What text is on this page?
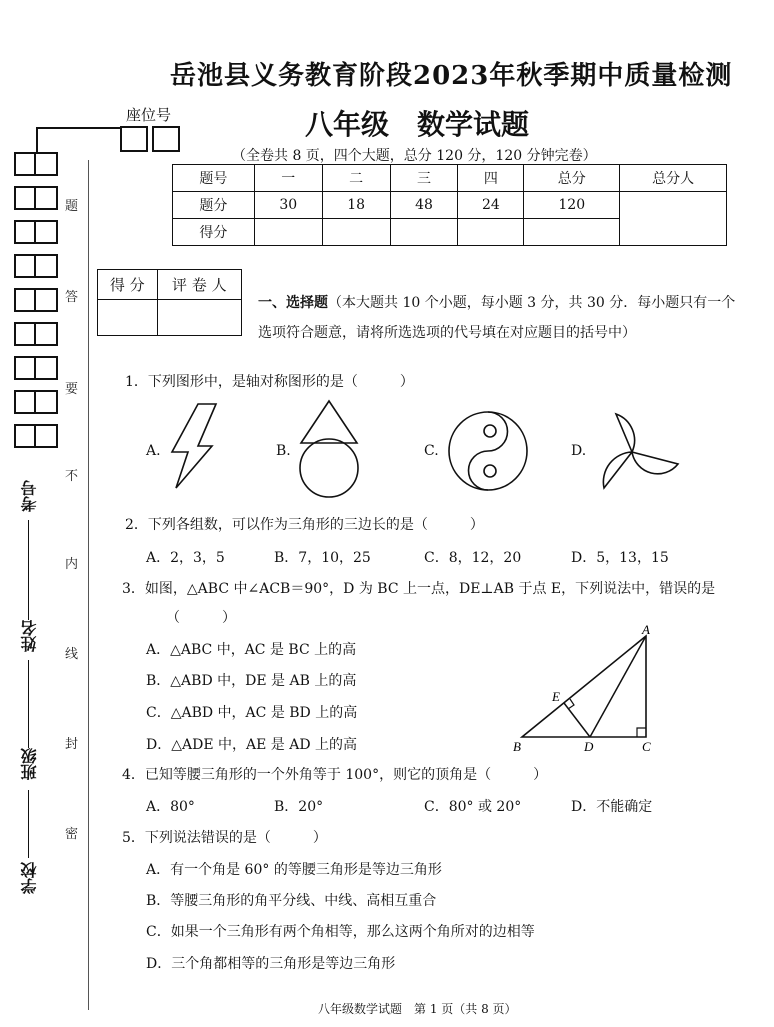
座位号
题
答
要
不
内
线
封
密
考号
姓名
班级
学校
岳池县义务教育阶段2023年秋季期中质量检测
八年级　数学试题
（全卷共 8 页，四个大题，总分 120 分，120 分钟完卷）
题号	一	二	三	四	总分	总分人
题分	30	18	48	24	120	
得分						
得 分	评 卷 人

一、选择题（本大题共 10 个小题，每小题 3 分，共 30 分．每小题只有一个选项符合题意，请将所选选项的代号填在对应题目的括号中）
1．下列图形中，是轴对称图形的是（　　　）
A.	B.	C.	D.
2．下列各组数，可以作为三角形的三边长的是（　　　）
A．2，3，5	B．7，10，25	C．8，12，20	D．5，13，15
3．如图，△ABC 中∠ACB＝90°，D 为 BC 上一点，DE⊥AB 于点 E，下列说法中，错误的是
（　　　）
A．△ABC 中，AC 是 BC 上的高
B．△ABD 中，DE 是 AB 上的高
C．△ABD 中，AC 是 BD 上的高
D．△ADE 中，AE 是 AD 上的高
A
E
B	D	C
4．已知等腰三角形的一个外角等于 100°，则它的顶角是（　　　）
A．80°	B．20°	C．80° 或 20°	D．不能确定
5．下列说法错误的是（　　　）
A．有一个角是 60° 的等腰三角形是等边三角形
B．等腰三角形的角平分线、中线、高相互重合
C．如果一个三角形有两个角相等，那么这两个角所对的边相等
D．三个角都相等的三角形是等边三角形
八年级数学试题　第 1 页（共 8 页）
